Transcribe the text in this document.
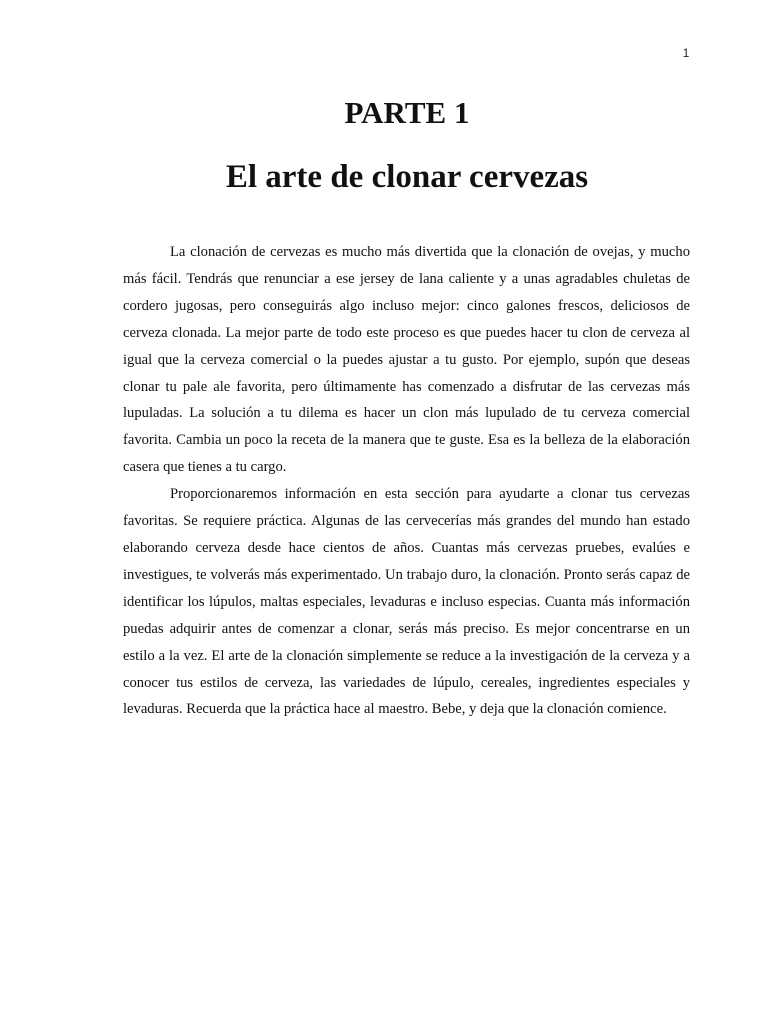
1
PARTE 1
El arte de clonar cervezas

La clonación de cervezas es mucho más divertida que la clonación de ovejas, y mucho más fácil. Tendrás que renunciar a ese jersey de lana caliente y a unas agradables chuletas de cordero jugosas, pero conseguirás algo incluso mejor: cinco galones frescos, deliciosos de cerveza clonada. La mejor parte de todo este proceso es que puedes hacer tu clon de cerveza al igual que la cerveza comercial o la puedes ajustar a tu gusto. Por ejemplo, supón que deseas clonar tu pale ale favorita, pero últimamente has comenzado a disfrutar de las cervezas más lupuladas. La solución a tu dilema es hacer un clon más lupulado de tu cerveza comercial favorita. Cambia un poco la receta de la manera que te guste. Esa es la belleza de la elaboración casera que tienes a tu cargo.

Proporcionaremos información en esta sección para ayudarte a clonar tus cervezas favoritas. Se requiere práctica. Algunas de las cervecerías más grandes del mundo han estado elaborando cerveza desde hace cientos de años. Cuantas más cervezas pruebes, evalúes e investigues, te volverás más experimentado. Un trabajo duro, la clonación. Pronto serás capaz de identificar los lúpulos, maltas especiales, levaduras e incluso especias. Cuanta más información puedas adquirir antes de comenzar a clonar, serás más preciso. Es mejor concentrarse en un estilo a la vez. El arte de la clonación simplemente se reduce a la investigación de la cerveza y a conocer tus estilos de cerveza, las variedades de lúpulo, cereales, ingredientes especiales y levaduras. Recuerda que la práctica hace al maestro. Bebe, y deja que la clonación comience.
